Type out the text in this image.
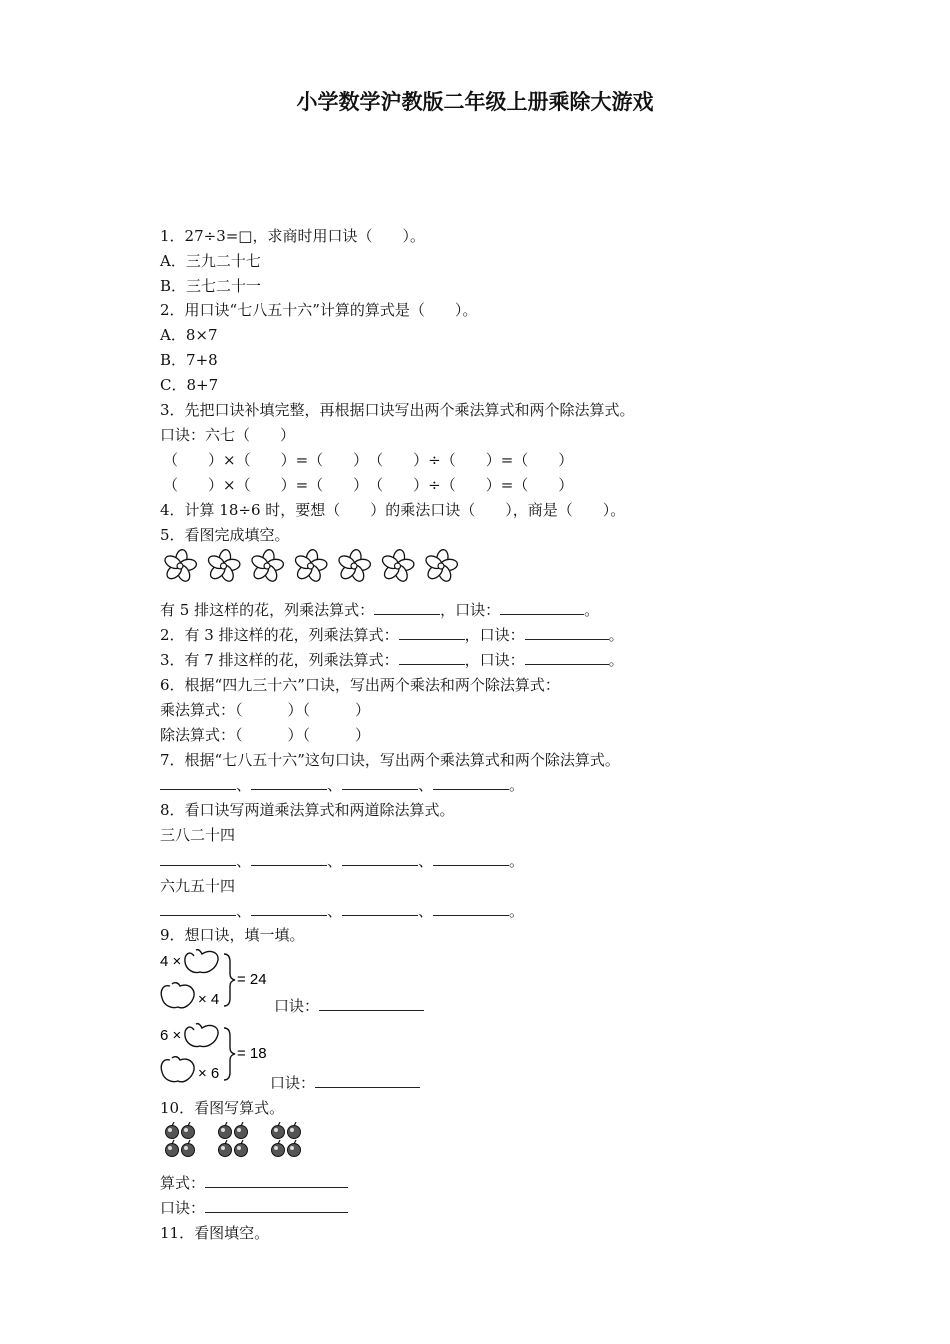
小学数学沪教版二年级上册乘除大游戏
1．27÷3=□，求商时用口诀（　　）。
A．三九二十七
B．三七二十一
2．用口诀“七八五十六”计算的算式是（　　）。
A．8×7
B．7+8
C．8+7
3．先把口诀补填完整，再根据口诀写出两个乘法算式和两个除法算式。
口诀：六七（　　）
（　　）×（　　）=（　　）　（　　）÷（　　）=（　　）
（　　）×（　　）=（　　）　（　　）÷（　　）=（　　）
4．计算 18÷6 时，要想（　　）的乘法口诀（　　），商是（　　）。
5．看图完成填空。
有 5 排这样的花，列乘法算式：	，口诀：	。
2．有 3 排这样的花，列乘法算式：	，口诀：	。
3．有 7 排这样的花，列乘法算式：	，口诀：	。
6．根据“四九三十六”口诀，写出两个乘法和两个除法算式：
乘法算式：（　　　）（　　　）
除法算式：（　　　）（　　　）
7．根据“七八五十六”这句口诀，写出两个乘法算式和两个除法算式。
、	、	、	。
8．看口诀写两道乘法算式和两道除法算式。
三八二十四
、	、	、	。
六九五十四
、	、	、	。
9．想口诀，填一填。
4 ×
× 4
= 24
口诀：
6 ×
× 6
= 18
口诀：
10．看图写算式。
算式：
口诀：
11．看图填空。
